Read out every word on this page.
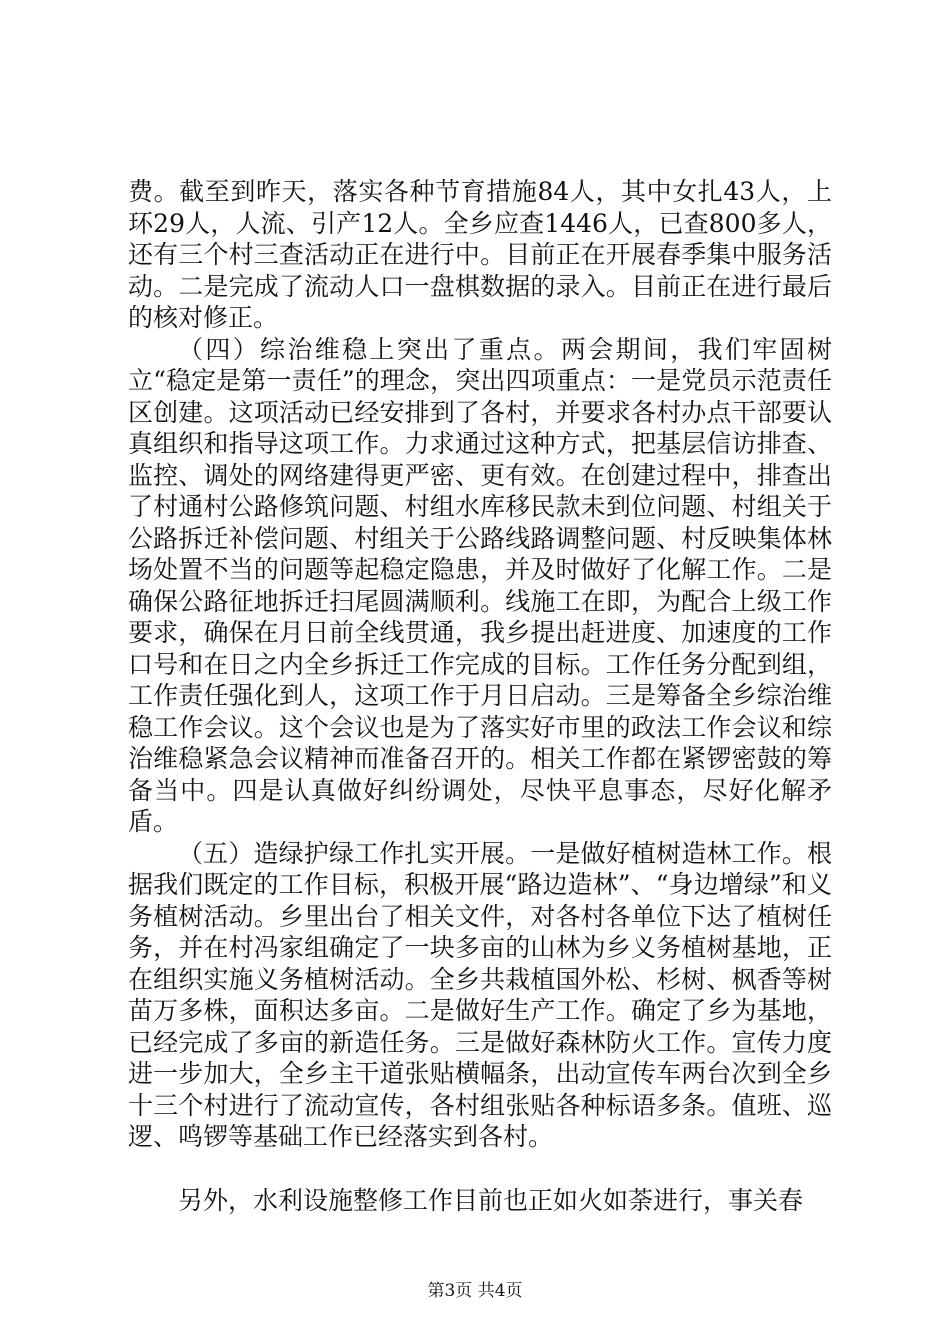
费。截至到昨天，落实各种节育措施84人，其中女扎43人，上环29人，人流、引产12人。全乡应查1446人，已查800多人，还有三个村三查活动正在进行中。目前正在开展春季集中服务活动。二是完成了流动人口一盘棋数据的录入。目前正在进行最后的核对修正。

（四）综治维稳上突出了重点。两会期间，我们牢固树立“稳定是第一责任”的理念，突出四项重点：一是党员示范责任区创建。这项活动已经安排到了各村，并要求各村办点干部要认真组织和指导这项工作。力求通过这种方式，把基层信访排查、监控、调处的网络建得更严密、更有效。在创建过程中，排查出了村通村公路修筑问题、村组水库移民款未到位问题、村组关于公路拆迁补偿问题、村组关于公路线路调整问题、村反映集体林场处置不当的问题等起稳定隐患，并及时做好了化解工作。二是确保公路征地拆迁扫尾圆满顺利。线施工在即，为配合上级工作要求，确保在月日前全线贯通，我乡提出赶进度、加速度的工作口号和在日之内全乡拆迁工作完成的目标。工作任务分配到组，工作责任强化到人，这项工作于月日启动。三是筹备全乡综治维稳工作会议。这个会议也是为了落实好市里的政法工作会议和综治维稳紧急会议精神而准备召开的。相关工作都在紧锣密鼓的筹备当中。四是认真做好纠纷调处，尽快平息事态，尽好化解矛盾。

（五）造绿护绿工作扎实开展。一是做好植树造林工作。根据我们既定的工作目标，积极开展“路边造林”、“身边增绿”和义务植树活动。乡里出台了相关文件，对各村各单位下达了植树任务，并在村冯家组确定了一块多亩的山林为乡义务植树基地，正在组织实施义务植树活动。全乡共栽植国外松、杉树、枫香等树苗万多株，面积达多亩。二是做好生产工作。确定了乡为基地，已经完成了多亩的新造任务。三是做好森林防火工作。宣传力度进一步加大，全乡主干道张贴横幅条，出动宣传车两台次到全乡十三个村进行了流动宣传，各村组张贴各种标语多条。值班、巡逻、鸣锣等基础工作已经落实到各村。

另外，水利设施整修工作目前也正如火如荼进行，事关春

第3页 共4页
